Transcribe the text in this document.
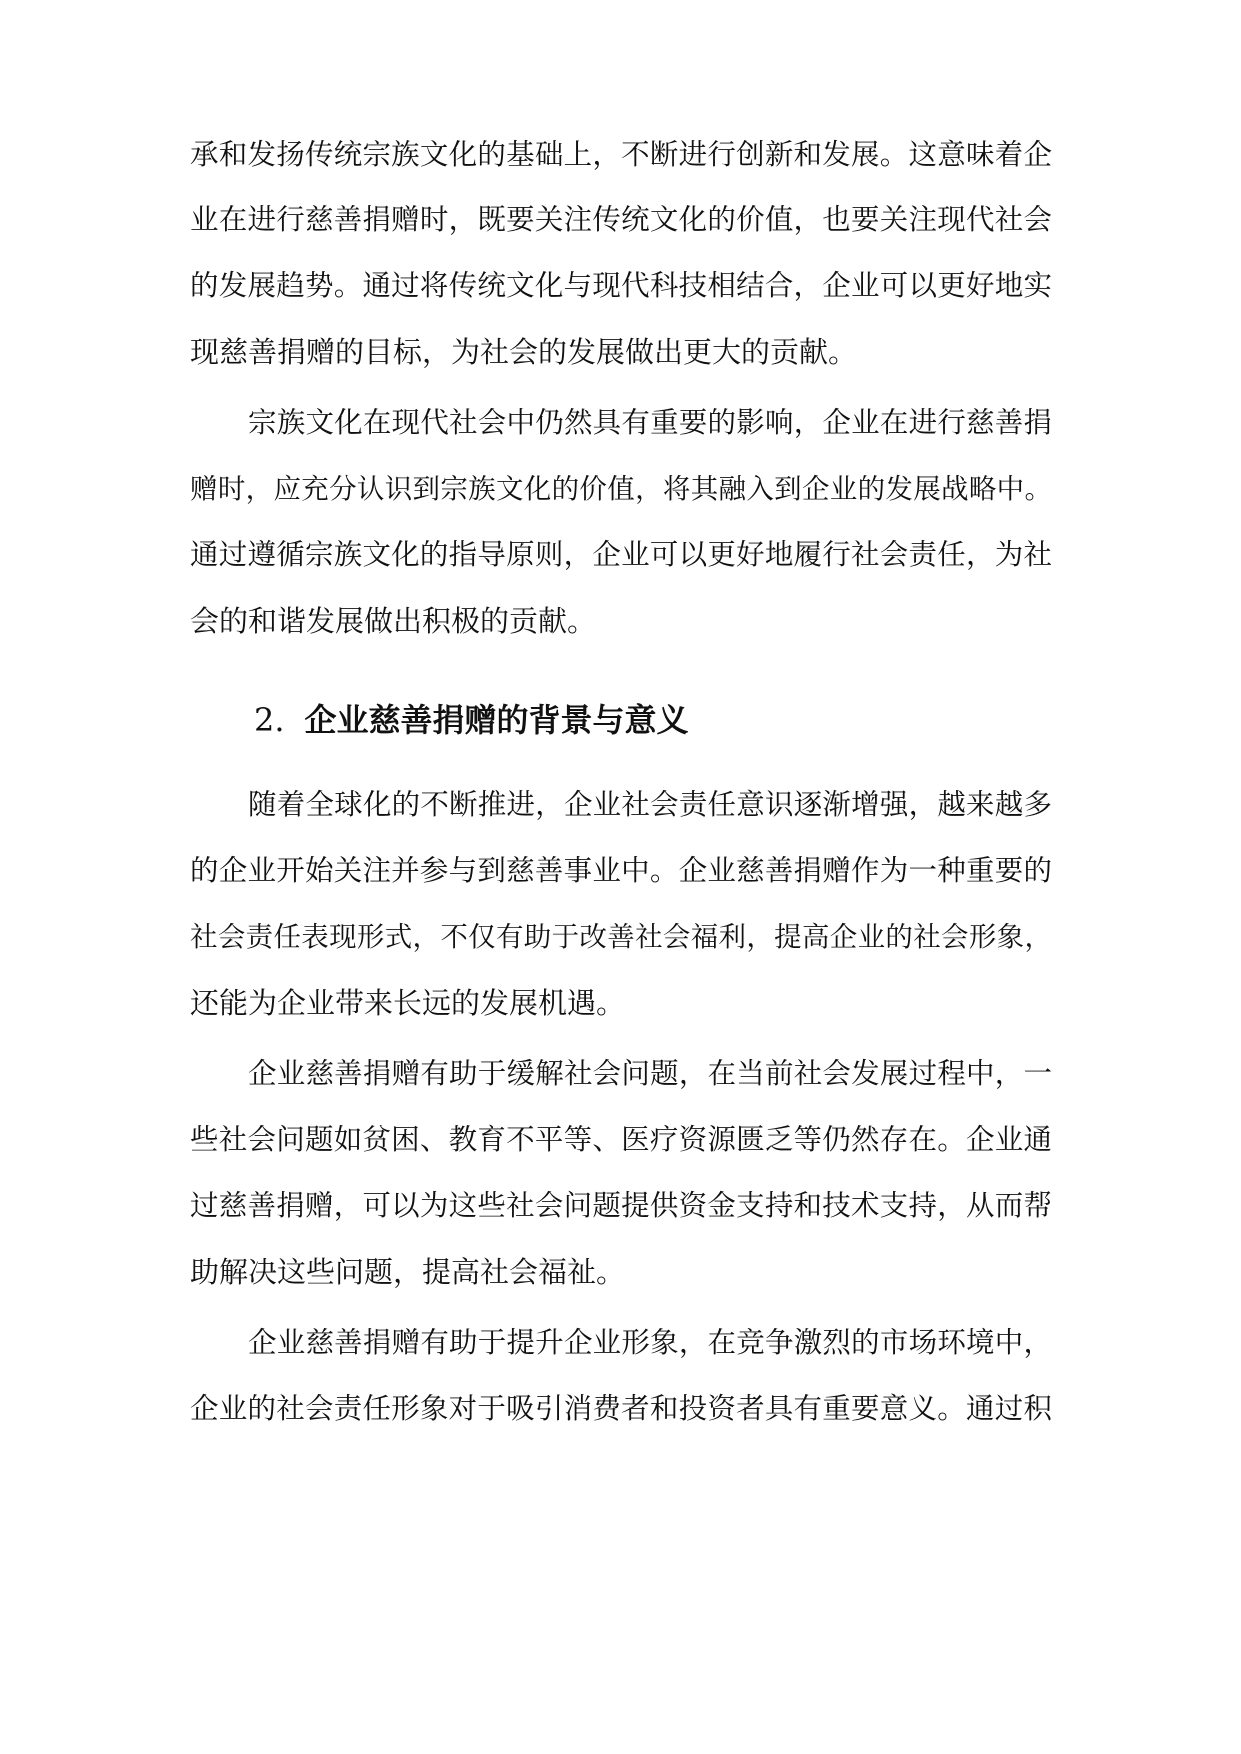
承和发扬传统宗族文化的基础上，不断进行创新和发展。这意味着企
业在进行慈善捐赠时，既要关注传统文化的价值，也要关注现代社会
的发展趋势。通过将传统文化与现代科技相结合，企业可以更好地实
现慈善捐赠的目标，为社会的发展做出更大的贡献。
宗族文化在现代社会中仍然具有重要的影响，企业在进行慈善捐
赠时，应充分认识到宗族文化的价值，将其融入到企业的发展战略中。
通过遵循宗族文化的指导原则，企业可以更好地履行社会责任，为社
会的和谐发展做出积极的贡献。
2. 企业慈善捐赠的背景与意义
随着全球化的不断推进，企业社会责任意识逐渐增强，越来越多
的企业开始关注并参与到慈善事业中。企业慈善捐赠作为一种重要的
社会责任表现形式，不仅有助于改善社会福利，提高企业的社会形象，
还能为企业带来长远的发展机遇。
企业慈善捐赠有助于缓解社会问题，在当前社会发展过程中，一
些社会问题如贫困、教育不平等、医疗资源匮乏等仍然存在。企业通
过慈善捐赠，可以为这些社会问题提供资金支持和技术支持，从而帮
助解决这些问题，提高社会福祉。
企业慈善捐赠有助于提升企业形象，在竞争激烈的市场环境中，
企业的社会责任形象对于吸引消费者和投资者具有重要意义。通过积
